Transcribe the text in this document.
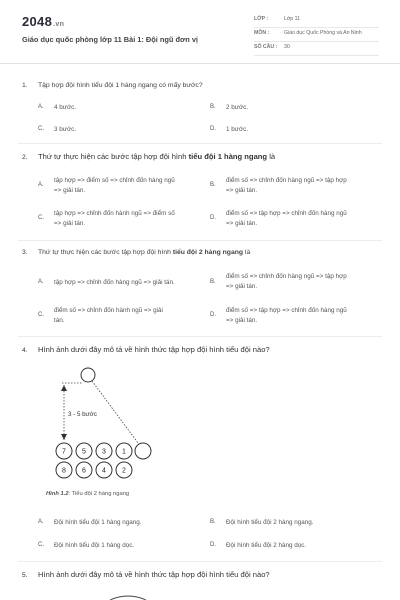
2048.vn
Giáo dục quốc phòng lớp 11 Bài 1: Đội ngũ đơn vị
LỚP :	Lớp 11
MÔN :	Giáo dục Quốc Phòng và An Ninh
SỐ CÂU : 30
1. Tập hợp đội hình tiểu đội 1 hàng ngang có mấy bước?
A. 4 bước.	B. 2 bước.
C. 3 bước.	D. 1 bước.
2. Thứ tự thực hiện các bước tập hợp đội hình tiểu đội 1 hàng ngang là
A.
tập hợp => điểm số => chỉnh đốn hàng ngũ
=> giải tán.
B.
điểm số => chỉnh đốn hàng ngũ => tập hợp
=> giải tán.
C.
tập hợp => chỉnh đốn hành ngũ => điểm số
=> giải tán.
D.
điểm số => tập hợp => chỉnh đốn hàng ngũ
=> giải tán.
3. Thứ tự thực hiện các bước tập hợp đội hình tiểu đội 2 hàng ngang là
A. tập hợp => chỉnh đốn hàng ngũ => giải tán.	B.
điểm số => chỉnh đốn hàng ngũ => tập hợp
=> giải tán.
C.
điểm số => chỉnh đốn hành ngũ => giải
tán.
D.
điểm số => tập hợp => chỉnh đốn hàng ngũ
=> giải tán.
4. Hình ảnh dưới đây mô tả về hình thức tập hợp đội hình tiểu đội nào?
3 - 5 bước
7 5 3 1
8 6 4 2
Hình 1.2: Tiểu đội 2 hàng ngang
A. Đội hình tiểu đội 1 hàng ngang.	B. Đội hình tiểu đội 2 hàng ngang.
C. Đội hình tiểu đội 1 hàng dọc.	D. Đội hình tiểu đội 2 hàng dọc.
5. Hình ảnh dưới đây mô tả về hình thức tập hợp đội hình tiểu đội nào?
